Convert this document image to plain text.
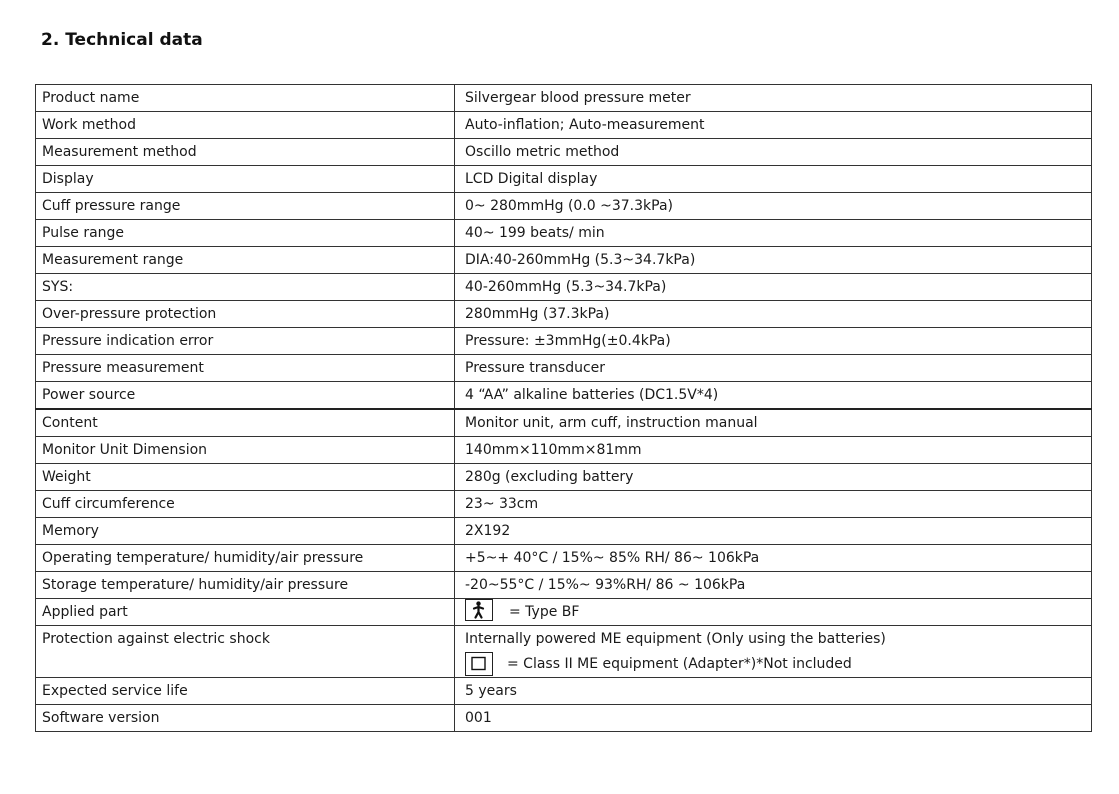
2. Technical data
Product name	Silvergear blood pressure meter
Work method	Auto-inflation; Auto-measurement
Measurement method	Oscillo metric method
Display	LCD Digital display
Cuff pressure range	0~ 280mmHg (0.0 ~37.3kPa)
Pulse range	40~ 199 beats/ min
Measurement range	DIA:40-260mmHg (5.3~34.7kPa)
SYS:	40-260mmHg (5.3~34.7kPa)
Over-pressure protection	280mmHg (37.3kPa)
Pressure indication error	Pressure: ±3mmHg(±0.4kPa)
Pressure measurement	Pressure transducer
Power source	4 “AA” alkaline batteries (DC1.5V*4)
Content	Monitor unit, arm cuff, instruction manual
Monitor Unit Dimension	140mm×110mm×81mm
Weight	280g (excluding battery
Cuff circumference	23~ 33cm
Memory	2X192
Operating temperature/ humidity/air pressure	+5~+ 40°C / 15%~ 85% RH/ 86~ 106kPa
Storage temperature/ humidity/air pressure	-20~55°C / 15%~ 93%RH/ 86 ~ 106kPa
Applied part	= Type BF

Protection against electric shock	Internally powered ME equipment (Only using the batteries)
= Class II ME equipment (Adapter*)*Not included

Expected service life	5 years
Software version	001
